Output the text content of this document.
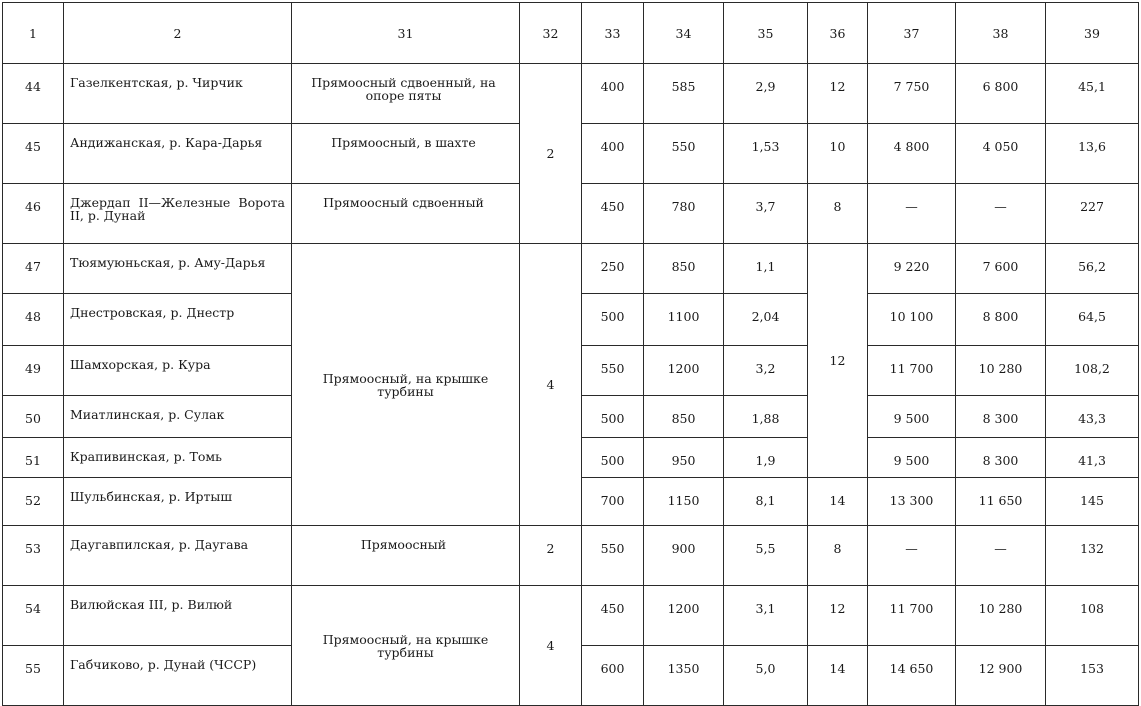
1	2	31	32	33	34	35	36	37	38	39
44	Газелкентская, р. Чирчик	Прямоосный сдвоенный, на опоре пяты	2	400	585	2,9	12	7 750	6 800	45,1
45	Андижанская, р. Кара-Дарья	Прямоосный, в шахте		400	550	1,53	10	4 800	4 050	13,6
46	Джердап II—Железные Ворота II, р. Дунай	Прямоосный сдвоенный		450	780	3,7	8	—	—	227
47	Тюямуюньская, р. Аму-Дарья	Прямоосный, на крышке турбины	4	250	850	1,1	12	9 220	7 600	56,2
48	Днестровская, р. Днестр			500	1100	2,04		10 100	8 800	64,5
49	Шамхорская, р. Кура			550	1200	3,2		11 700	10 280	108,2
50	Миатлинская, р. Сулак			500	850	1,88		9 500	8 300	43,3
51	Крапивинская, р. Томь			500	950	1,9		9 500	8 300	41,3
52	Шульбинская, р. Иртыш			700	1150	8,1	14	13 300	11 650	145
53	Даугавпилская, р. Даугава	Прямоосный	2	550	900	5,5	8	—	—	132
54	Вилюйская III, р. Вилюй	Прямоосный, на крышке турбины	4	450	1200	3,1	12	11 700	10 280	108
55	Габчиково, р. Дунай (ЧССР)			600	1350	5,0	14	14 650	12 900	153
